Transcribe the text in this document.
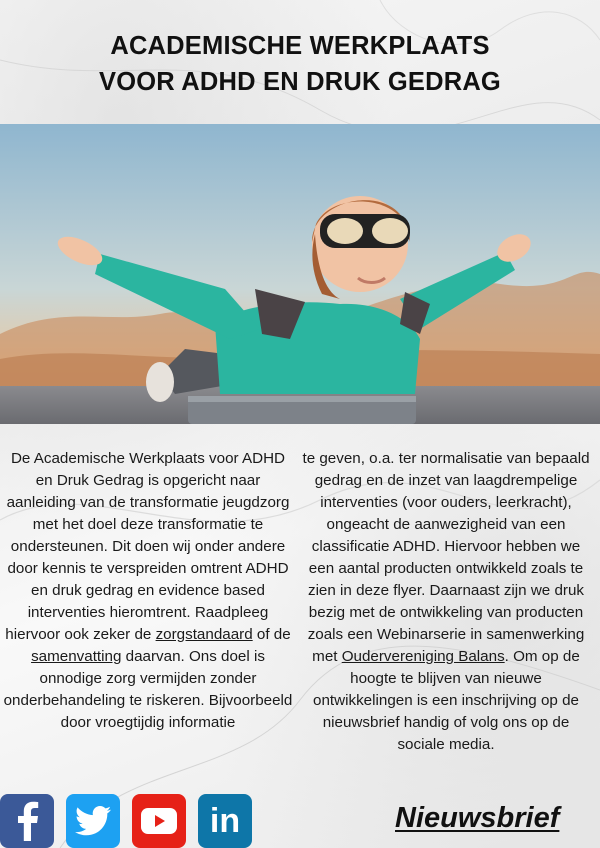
ACADEMISCHE WERKPLAATS
VOOR ADHD EN DRUK GEDRAG
De Academische Werkplaats voor ADHD en Druk Gedrag is opgericht naar aanleiding van de transformatie jeugdzorg met het doel deze transformatie te ondersteunen. Dit doen wij onder andere door kennis te verspreiden omtrent ADHD en druk gedrag en evidence based interventies hieromtrent. Raadpleeg hiervoor ook zeker de zorgstandaard of de samenvatting daarvan. Ons doel is onnodige zorg vermijden zonder onderbehandeling te riskeren. Bijvoorbeeld door vroegtijdig informatie
te geven, o.a. ter normalisatie van bepaald gedrag en de inzet van laagdrempelige interventies (voor ouders, leerkracht), ongeacht de aanwezigheid van een classificatie ADHD. Hiervoor hebben we een aantal producten ontwikkeld zoals te zien in deze flyer. Daarnaast zijn we druk bezig met de ontwikkeling van producten zoals een Webinarserie in samenwerking met Oudervereniging Balans. Om op de hoogte te blijven van nieuwe ontwikkelingen is een inschrijving op de nieuwsbrief handig of volg ons op de sociale media.
in	Nieuwsbrief
